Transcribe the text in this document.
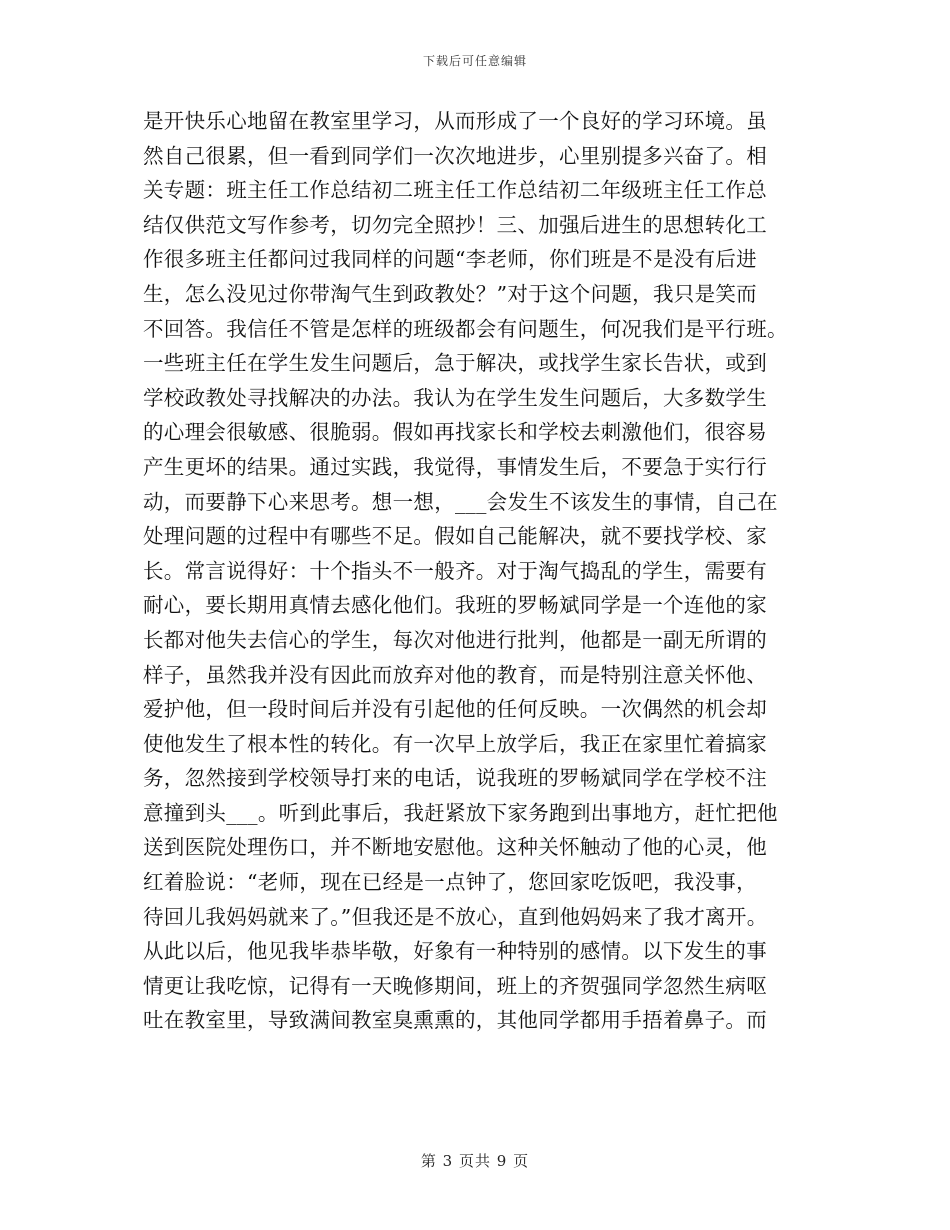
下载后可任意编辑
是开快乐心地留在教室里学习，从而形成了一个良好的学习环境。虽
然自己很累，但一看到同学们一次次地进步，心里别提多兴奋了。相
关专题：班主任工作总结初二班主任工作总结初二年级班主任工作总
结仅供范文写作参考，切勿完全照抄！三、加强后进生的思想转化工
作很多班主任都问过我同样的问题“李老师，你们班是不是没有后进
生，怎么没见过你带淘气生到政教处？”对于这个问题，我只是笑而
不回答。我信任不管是怎样的班级都会有问题生，何况我们是平行班。
一些班主任在学生发生问题后，急于解决，或找学生家长告状，或到
学校政教处寻找解决的办法。我认为在学生发生问题后，大多数学生
的心理会很敏感、很脆弱。假如再找家长和学校去刺激他们，很容易
产生更坏的结果。通过实践，我觉得，事情发生后，不要急于实行行
动，而要静下心来思考。想一想，___会发生不该发生的事情，自己在
处理问题的过程中有哪些不足。假如自己能解决，就不要找学校、家
长。常言说得好：十个指头不一般齐。对于淘气捣乱的学生，需要有
耐心，要长期用真情去感化他们。我班的罗畅斌同学是一个连他的家
长都对他失去信心的学生，每次对他进行批判，他都是一副无所谓的
样子，虽然我并没有因此而放弃对他的教育，而是特别注意关怀他、
爱护他，但一段时间后并没有引起他的任何反映。一次偶然的机会却
使他发生了根本性的转化。有一次早上放学后，我正在家里忙着搞家
务，忽然接到学校领导打来的电话，说我班的罗畅斌同学在学校不注
意撞到头___。听到此事后，我赶紧放下家务跑到出事地方，赶忙把他
送到医院处理伤口，并不断地安慰他。这种关怀触动了他的心灵，他
红着脸说：“老师，现在已经是一点钟了，您回家吃饭吧，我没事，
待回儿我妈妈就来了。”但我还是不放心，直到他妈妈来了我才离开。
从此以后，他见我毕恭毕敬，好象有一种特别的感情。以下发生的事
情更让我吃惊，记得有一天晚修期间，班上的齐贺强同学忽然生病呕
吐在教室里，导致满间教室臭熏熏的，其他同学都用手捂着鼻子。而
第 3 页共 9 页
